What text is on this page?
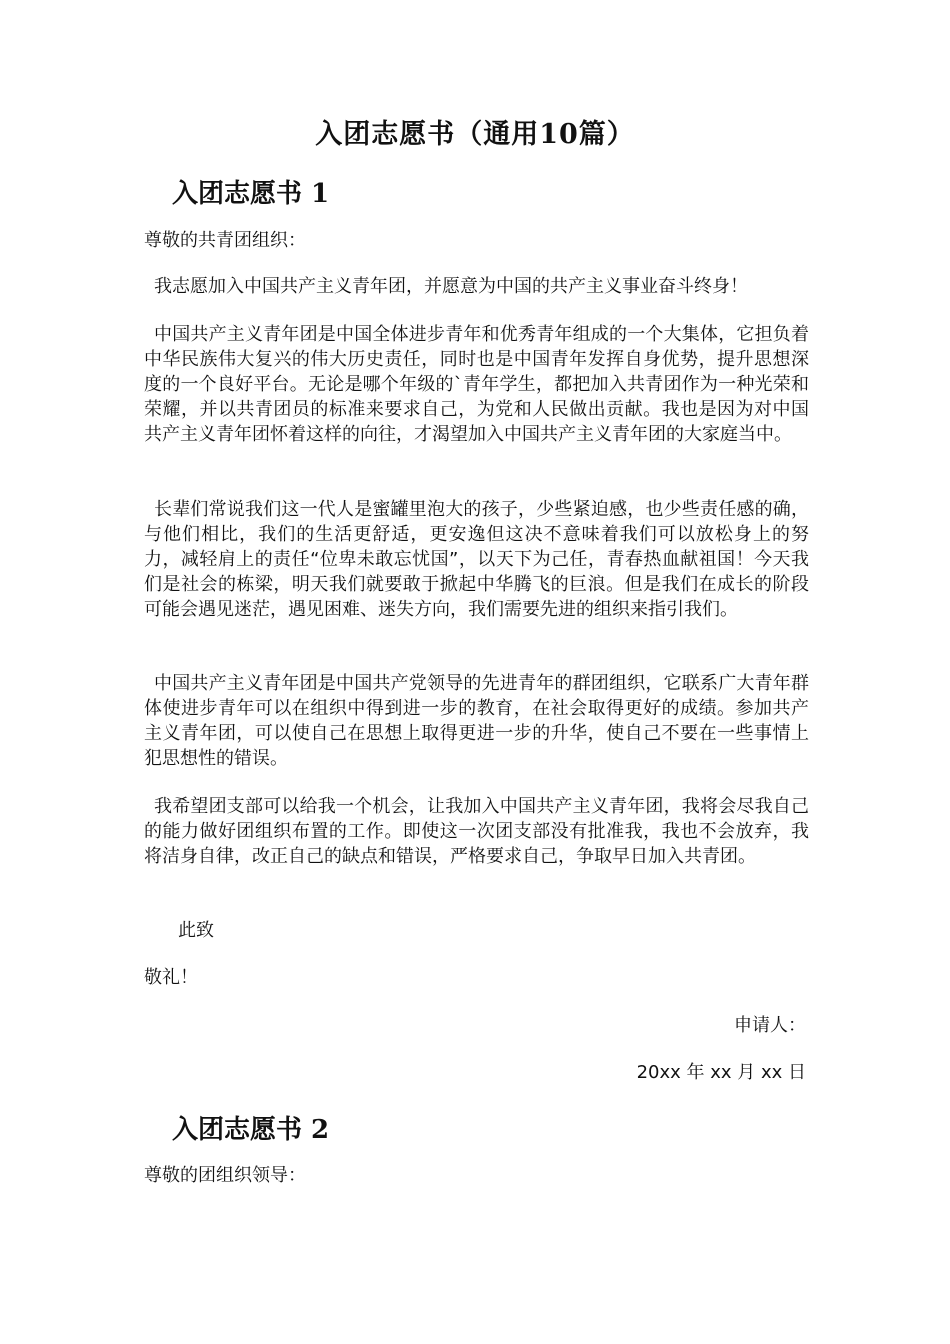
入团志愿书（通用10篇）
入团志愿书 1
尊敬的共青团组织：
我志愿加入中国共产主义青年团，并愿意为中国的共产主义事业奋斗终身！
中国共产主义青年团是中国全体进步青年和优秀青年组成的一个大集体，它担负着中华民族伟大复兴的伟大历史责任，同时也是中国青年发挥自身优势，提升思想深度的一个良好平台。无论是哪个年级的`青年学生，都把加入共青团作为一种光荣和荣耀，并以共青团员的标准来要求自己，为党和人民做出贡献。我也是因为对中国共产主义青年团怀着这样的向往，才渴望加入中国共产主义青年团的大家庭当中。
长辈们常说我们这一代人是蜜罐里泡大的孩子，少些紧迫感，也少些责任感的确，与他们相比，我们的生活更舒适，更安逸但这决不意味着我们可以放松身上的努力，减轻肩上的责任“位卑未敢忘忧国”，以天下为己任，青春热血献祖国！今天我们是社会的栋梁，明天我们就要敢于掀起中华腾飞的巨浪。但是我们在成长的阶段可能会遇见迷茫，遇见困难、迷失方向，我们需要先进的组织来指引我们。
中国共产主义青年团是中国共产党领导的先进青年的群团组织，它联系广大青年群体使进步青年可以在组织中得到进一步的教育，在社会取得更好的成绩。参加共产主义青年团，可以使自己在思想上取得更进一步的升华，使自己不要在一些事情上犯思想性的错误。
我希望团支部可以给我一个机会，让我加入中国共产主义青年团，我将会尽我自己的能力做好团组织布置的工作。即使这一次团支部没有批准我，我也不会放弃，我将洁身自律，改正自己的缺点和错误，严格要求自己，争取早日加入共青团。
此致
敬礼！
申请人：
20xx 年 xx 月 xx 日
入团志愿书 2
尊敬的团组织领导：
